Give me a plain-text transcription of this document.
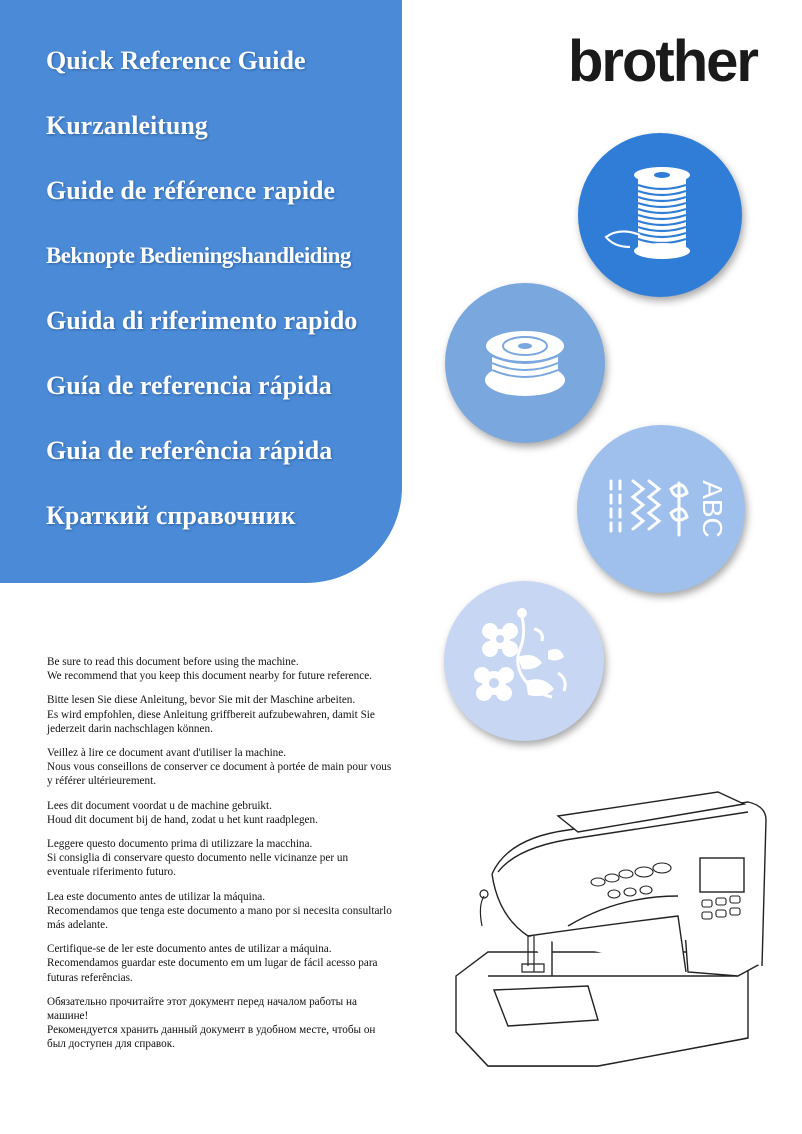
Quick Reference Guide
Kurzanleitung
Guide de référence rapide
Beknopte Bedieningshandleiding
Guida di riferimento rapido
Guía de referencia rápida
Guia de referência rápida
Краткий справочник
brother
ABC

Be sure to read this document before using the machine.
We recommend that you keep this document nearby for future reference.

Bitte lesen Sie diese Anleitung, bevor Sie mit der Maschine arbeiten.
Es wird empfohlen, diese Anleitung griffbereit aufzubewahren, damit Sie jederzeit darin nachschlagen können.

Veillez à lire ce document avant d'utiliser la machine.
Nous vous conseillons de conserver ce document à portée de main pour vous y référer ultérieurement.

Lees dit document voordat u de machine gebruikt.
Houd dit document bij de hand, zodat u het kunt raadplegen.

Leggere questo documento prima di utilizzare la macchina.
Si consiglia di conservare questo documento nelle vicinanze per un eventuale riferimento futuro.

Lea este documento antes de utilizar la máquina.
Recomendamos que tenga este documento a mano por si necesita consultarlo más adelante.

Certifique-se de ler este documento antes de utilizar a máquina.
Recomendamos guardar este documento em um lugar de fácil acesso para futuras referências.

Обязательно прочитайте этот документ перед началом работы на машине!
Рекомендуется хранить данный документ в удобном месте, чтобы он был доступен для справок.
